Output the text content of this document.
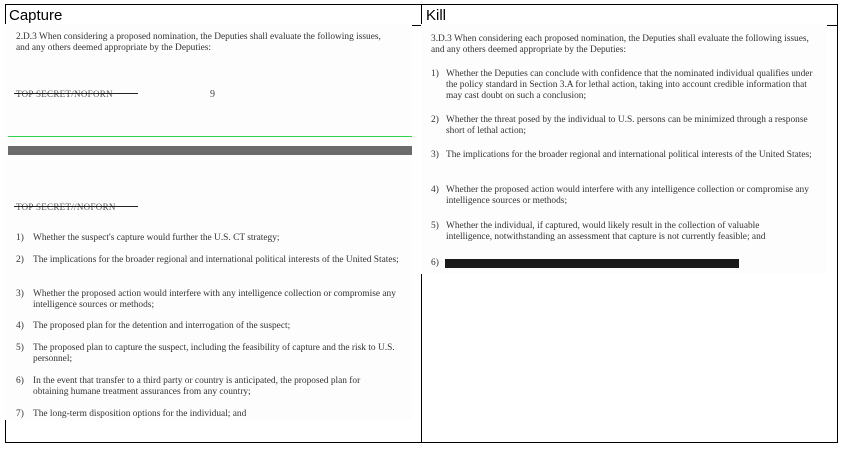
Capture	Kill

2.D.3 When considering a proposed nomination, the Deputies shall evaluate the following issues, and any others deemed appropriate by the Deputies:

9
1) Whether the suspect's capture would further the U.S. CT strategy;
2) The implications for the broader regional and international political interests of the United States;
3) Whether the proposed action would interfere with any intelligence collection or compromise any intelligence sources or methods;
4) The proposed plan for the detention and interrogation of the suspect;
5) The proposed plan to capture the suspect, including the feasibility of capture and the risk to U.S. personnel;
6) In the event that transfer to a third party or country is anticipated, the proposed plan for obtaining humane treatment assurances from any country;
7) The long-term disposition options for the individual; and

3.D.3 When considering each proposed nomination, the Deputies shall evaluate the following issues, and any others deemed appropriate by the Deputies:

1) Whether the Deputies can conclude with confidence that the nominated individual qualifies under the policy standard in Section 3.A for lethal action, taking into account credible information that may cast doubt on such a conclusion;
2) Whether the threat posed by the individual to U.S. persons can be minimized through a response short of lethal action;
3) The implications for the broader regional and international political interests of the United States;
4) Whether the proposed action would interfere with any intelligence collection or compromise any intelligence sources or methods;
5) Whether the individual, if captured, would likely result in the collection of valuable intelligence, notwithstanding an assessment that capture is not currently feasible; and
6)
